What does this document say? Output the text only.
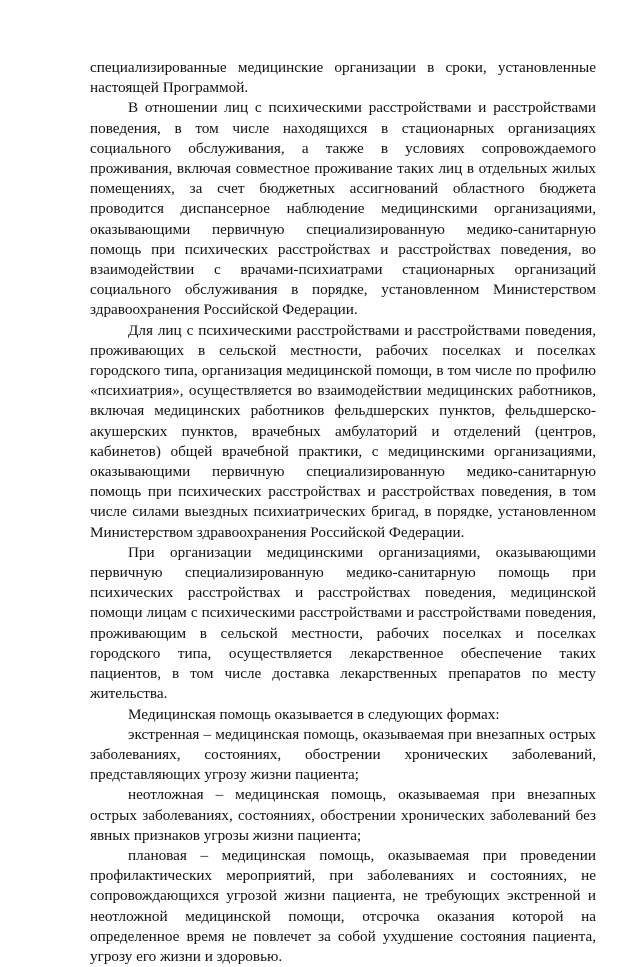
специализированные медицинские организации в сроки, установленные настоящей Программой.

В отношении лиц с психическими расстройствами и расстройствами поведения, в том числе находящихся в стационарных организациях социального обслуживания, а также в условиях сопровождаемого проживания, включая совместное проживание таких лиц в отдельных жилых помещениях, за счет бюджетных ассигнований областного бюджета проводится диспансерное наблюдение медицинскими организациями, оказывающими первичную специализированную медико-санитарную помощь при психических расстройствах и расстройствах поведения, во взаимодействии с врачами-психиатрами стационарных организаций социального обслуживания в порядке, установленном Министерством здравоохранения Российской Федерации.

Для лиц с психическими расстройствами и расстройствами поведения, проживающих в сельской местности, рабочих поселках и поселках городского типа, организация медицинской помощи, в том числе по профилю «психиатрия», осуществляется во взаимодействии медицинских работников, включая медицинских работников фельдшерских пунктов, фельдшерско-акушерских пунктов, врачебных амбулаторий и отделений (центров, кабинетов) общей врачебной практики, с медицинскими организациями, оказывающими первичную специализированную медико-санитарную помощь при психических расстройствах и расстройствах поведения, в том числе силами выездных психиатрических бригад, в порядке, установленном Министерством здравоохранения Российской Федерации.

При организации медицинскими организациями, оказывающими первичную специализированную медико-санитарную помощь при психических расстройствах и расстройствах поведения, медицинской помощи лицам с психическими расстройствами и расстройствами поведения, проживающим в сельской местности, рабочих поселках и поселках городского типа, осуществляется лекарственное обеспечение таких пациентов, в том числе доставка лекарственных препаратов по месту жительства.

Медицинская помощь оказывается в следующих формах:

экстренная – медицинская помощь, оказываемая при внезапных острых заболеваниях, состояниях, обострении хронических заболеваний, представляющих угрозу жизни пациента;

неотложная – медицинская помощь, оказываемая при внезапных острых заболеваниях, состояниях, обострении хронических заболеваний без явных признаков угрозы жизни пациента;

плановая – медицинская помощь, оказываемая при проведении профилактических мероприятий, при заболеваниях и состояниях, не сопровождающихся угрозой жизни пациента, не требующих экстренной и неотложной медицинской помощи, отсрочка оказания которой на определенное время не повлечет за собой ухудшение состояния пациента, угрозу его жизни и здоровью.
